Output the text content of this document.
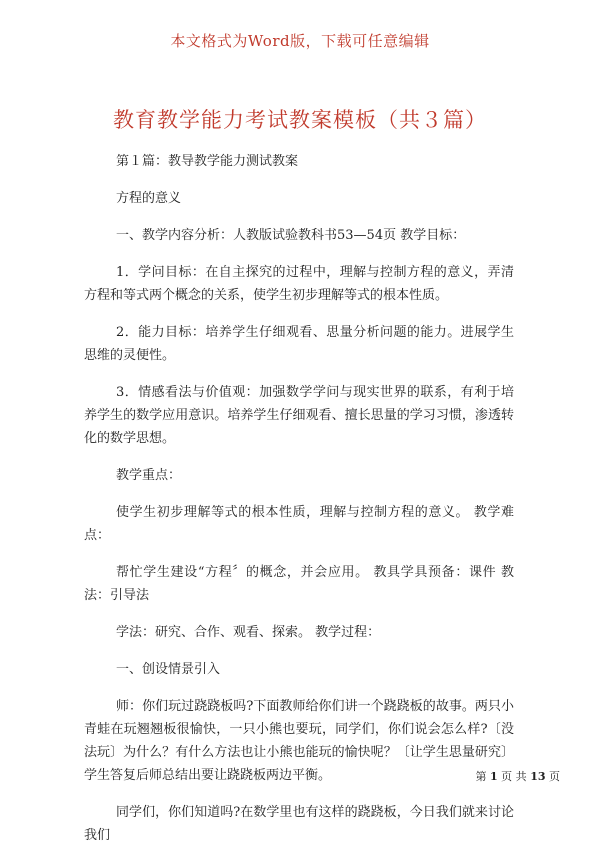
本文格式为Word版，下载可任意编辑
教育教学能力考试教案模板（共３篇）

第１篇：教导教学能力测试教案

方程的意义

一、教学内容分析：人教版试验教科书53—54页 教学目标：

1．学问目标：在自主探究的过程中，理解与控制方程的意义，弄清方程和等式两个概念的关系，使学生初步理解等式的根本性质。

2．能力目标：培养学生仔细观看、思量分析问题的能力。进展学生思维的灵便性。

3．情感看法与价值观：加强数学学问与现实世界的联系，有利于培养学生的数学应用意识。培养学生仔细观看、擅长思量的学习习惯，渗透转化的数学思想。

教学重点：

使学生初步理解等式的根本性质，理解与控制方程的意义。 教学难点：

帮忙学生建设“方程〞的概念，并会应用。 教具学具预备：课件 教法：引导法

学法：研究、合作、观看、探索。 教学过程：

一、创设情景引入

师：你们玩过跷跷板吗?下面教师给你们讲一个跷跷板的故事。两只小青蛙在玩翘翘板很愉快，一只小熊也要玩，同学们，你们说会怎么样?〔没法玩〕为什么？有什么方法也让小熊也能玩的愉快呢？〔让学生思量研究〕学生答复后师总结出要让跷跷板两边平衡。

同学们，你们知道吗?在数学里也有这样的跷跷板，今日我们就来讨论我们

第 1 页 共 13 页
